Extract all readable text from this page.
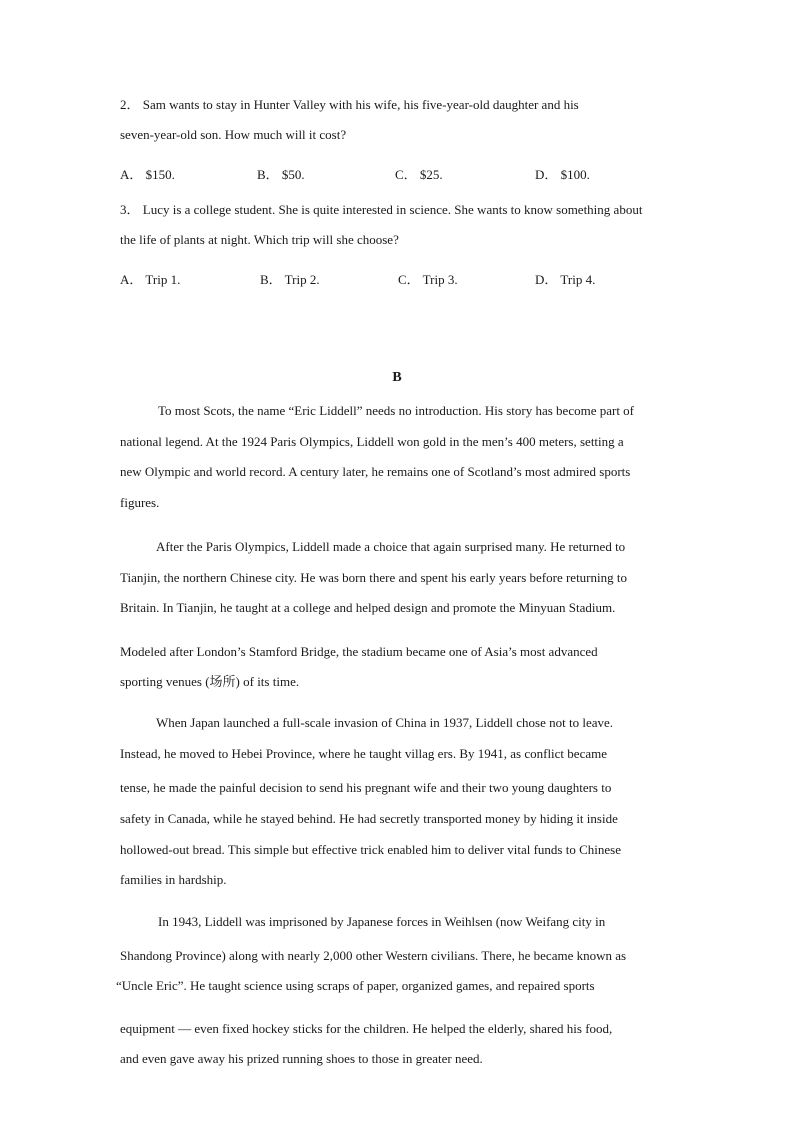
2． Sam wants to stay in Hunter Valley with his wife, his five-year-old daughter and his
seven-year-old son. How much will it cost?
A． $150.	B． $50.	C． $25.	D． $100.
3． Lucy is a college student. She is quite interested in science. She wants to know something about
the life of plants at night. Which trip will she choose?
A． Trip 1.	B． Trip 2.	C． Trip 3.	D． Trip 4.
B
To most Scots, the name “Eric Liddell” needs no introduction. His story has become part of
national legend. At the 1924 Paris Olympics, Liddell won gold in the men’s 400 meters, setting a
new Olympic and world record. A century later, he remains one of Scotland’s most admired sports
figures.
After the Paris Olympics, Liddell made a choice that again surprised many. He returned to
Tianjin, the northern Chinese city. He was born there and spent his early years before returning to
Britain. In Tianjin, he taught at a college and helped design and promote the Minyuan Stadium.
Modeled after London’s Stamford Bridge, the stadium became one of Asia’s most advanced
sporting venues (场所) of its time.
When Japan launched a full-scale invasion of China in 1937, Liddell chose not to leave.
Instead, he moved to Hebei Province, where he taught villag ers. By 1941, as conflict became
tense, he made the painful decision to send his pregnant wife and their two young daughters to
safety in Canada, while he stayed behind. He had secretly transported money by hiding it inside
hollowed-out bread. This simple but effective trick enabled him to deliver vital funds to Chinese
families in hardship.
In 1943, Liddell was imprisoned by Japanese forces in Weihlsen (now Weifang city in
Shandong Province) along with nearly 2,000 other Western civilians. There, he became known as
“Uncle Eric”. He taught science using scraps of paper, organized games, and repaired sports
equipment — even fixed hockey sticks for the children. He helped the elderly, shared his food,
and even gave away his prized running shoes to those in greater need.
